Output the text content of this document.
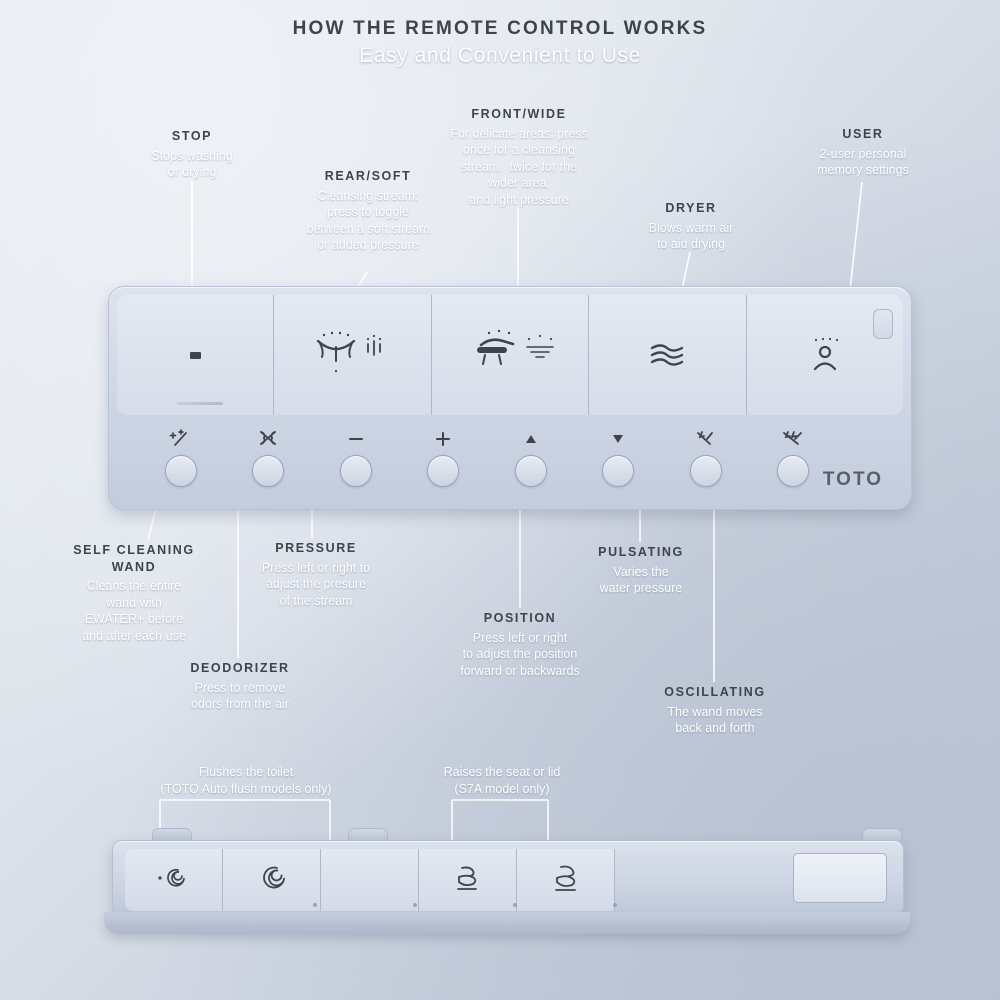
HOW THE REMOTE CONTROL WORKS
Easy and Convenient to Use
STOP
Stops washing
or drying	REAR/SOFT
Cleansing stream:
press to toggle
between a soft stream
or added pressure
FRONT/WIDE
For delicate areas: press
once for a cleansing
stream,  twice for the
wider area,
and light pressure
DRYER
Blows warm air
to aid drying
USER
2-user personal
memory settings
SELF CLEANING
WAND
Cleans the entire
wand with
EWATER+ before
and after each use
DEODORIZER
Press to remove
odors from the air
PRESSURE
Press left or right to
adjust the presure
of the stream
POSITION
Press left or right
to adjust the position
forward or backwards
PULSATING
Varies the
water pressure
OSCILLATING
The wand moves
back and forth
Flushes the toilet
(TOTO Auto flush models only)
Raises the seat or lid
(S7A model only)
TOTO
